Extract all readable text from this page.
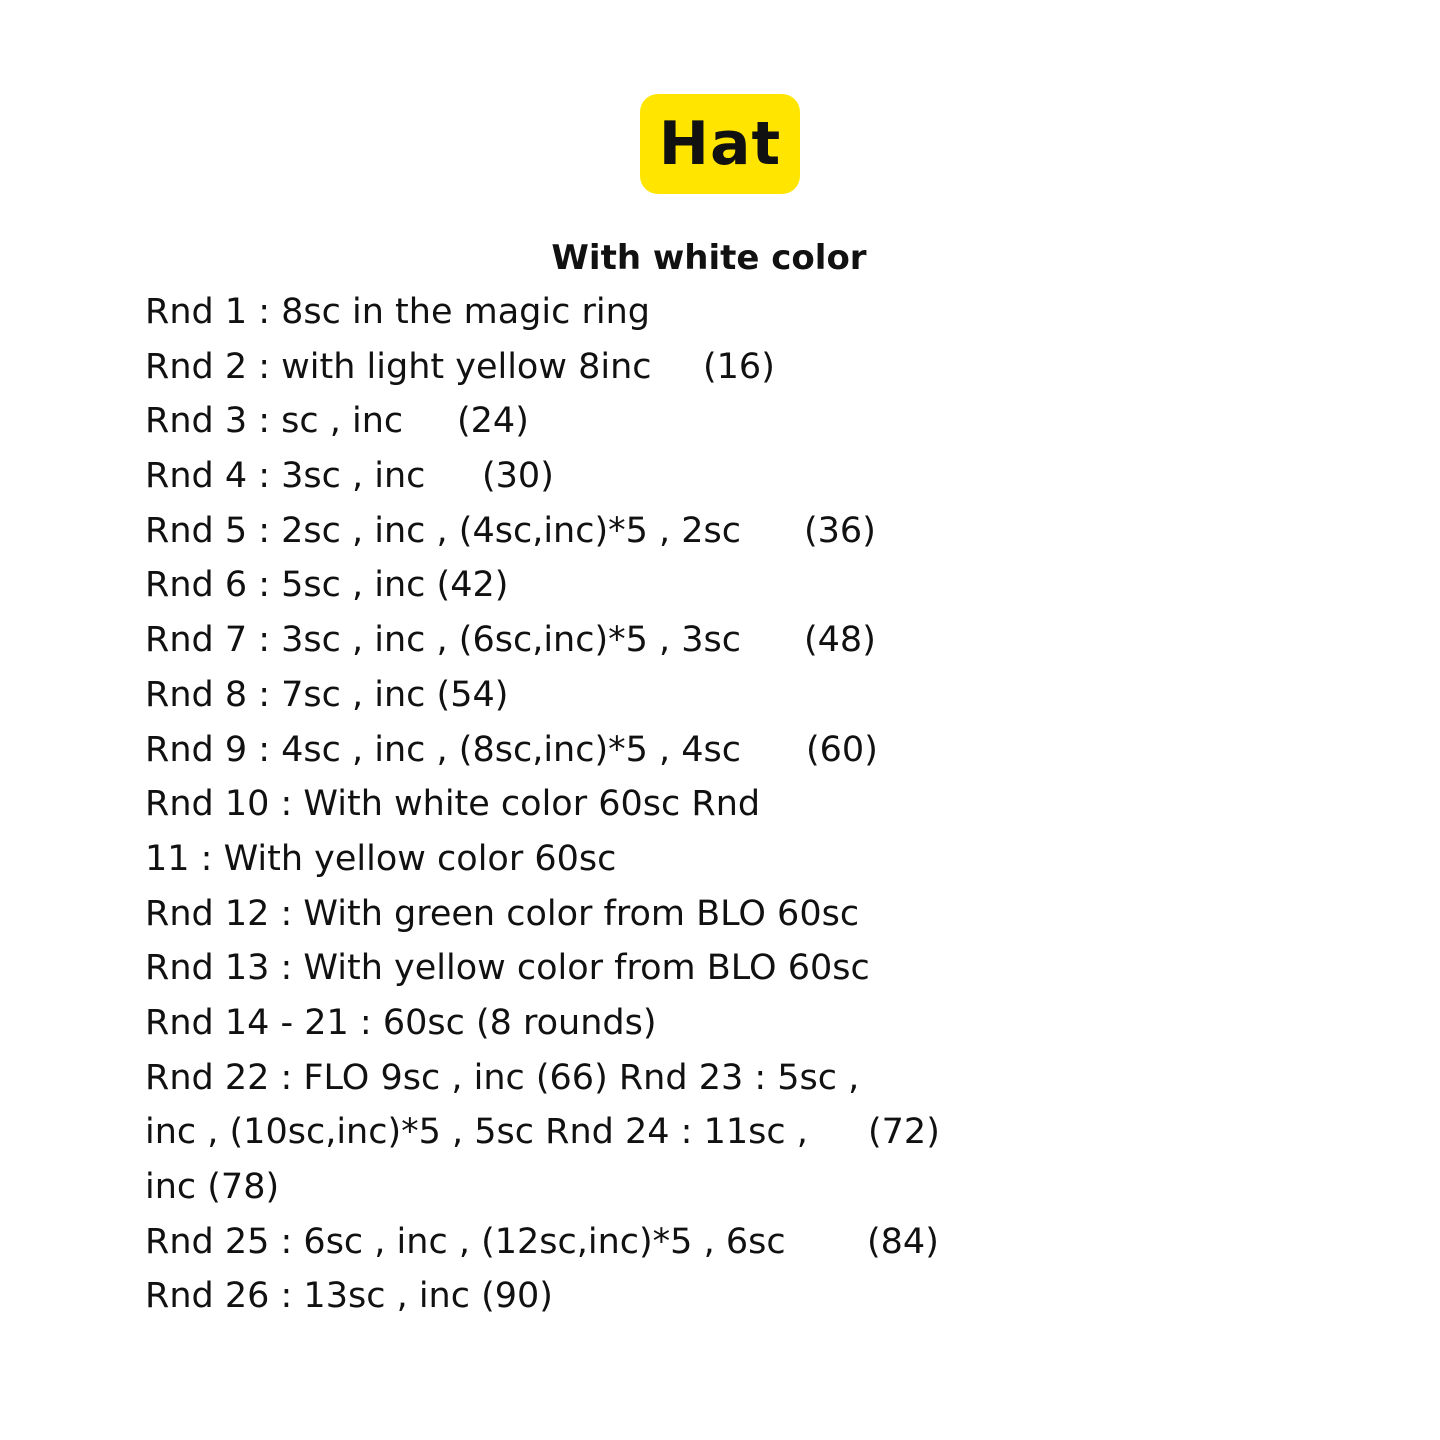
Hat
With white color
Rnd 1 : 8sc in the magic ring
Rnd 2 : with light yellow 8inc (16)
Rnd 3 : sc , inc (24)
Rnd 4 : 3sc , inc (30)
Rnd 5 : 2sc , inc , (4sc,inc)*5 , 2sc (36)
Rnd 6 : 5sc , inc (42)
Rnd 7 : 3sc , inc , (6sc,inc)*5 , 3sc (48)
Rnd 8 : 7sc , inc (54)
Rnd 9 : 4sc , inc , (8sc,inc)*5 , 4sc (60)
Rnd 10 : With white color 60sc Rnd
11 : With yellow color 60sc
Rnd 12 : With green color from BLO 60sc
Rnd 13 : With yellow color from BLO 60sc
Rnd 14 - 21 : 60sc (8 rounds)
Rnd 22 : FLO 9sc , inc (66) Rnd 23 : 5sc ,
inc , (10sc,inc)*5 , 5sc Rnd 24 : 11sc , (72)
inc (78)
Rnd 25 : 6sc , inc , (12sc,inc)*5 , 6sc (84)
Rnd 26 : 13sc , inc (90)
